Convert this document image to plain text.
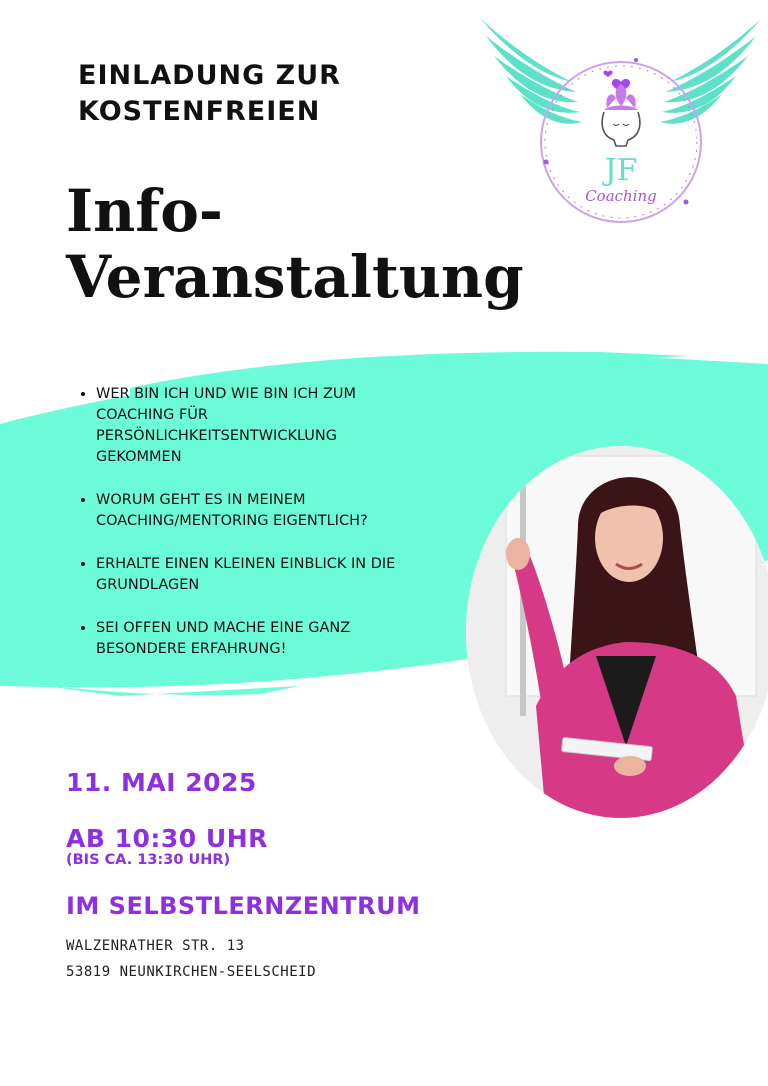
EINLADUNG ZUR
KOSTENFREIEN
Info-
Veranstaltung
JF
Coaching
• WER BIN ICH UND WIE BIN ICH ZUM COACHING FÜR PERSÖNLICHKEITSENTWICKLUNG GEKOMMEN
• WORUM GEHT ES IN MEINEM COACHING/MENTORING EIGENTLICH?
• ERHALTE EINEN KLEINEN EINBLICK IN DIE GRUNDLAGEN
• SEI OFFEN UND MACHE EINE GANZ BESONDERE ERFAHRUNG!

11. MAI 2025

AB 10:30 UHR

(BIS CA. 13:30 UHR)

IM SELBSTLERNZENTRUM

WALZENRATHER STR. 13

53819 NEUNKIRCHEN-SEELSCHEID
